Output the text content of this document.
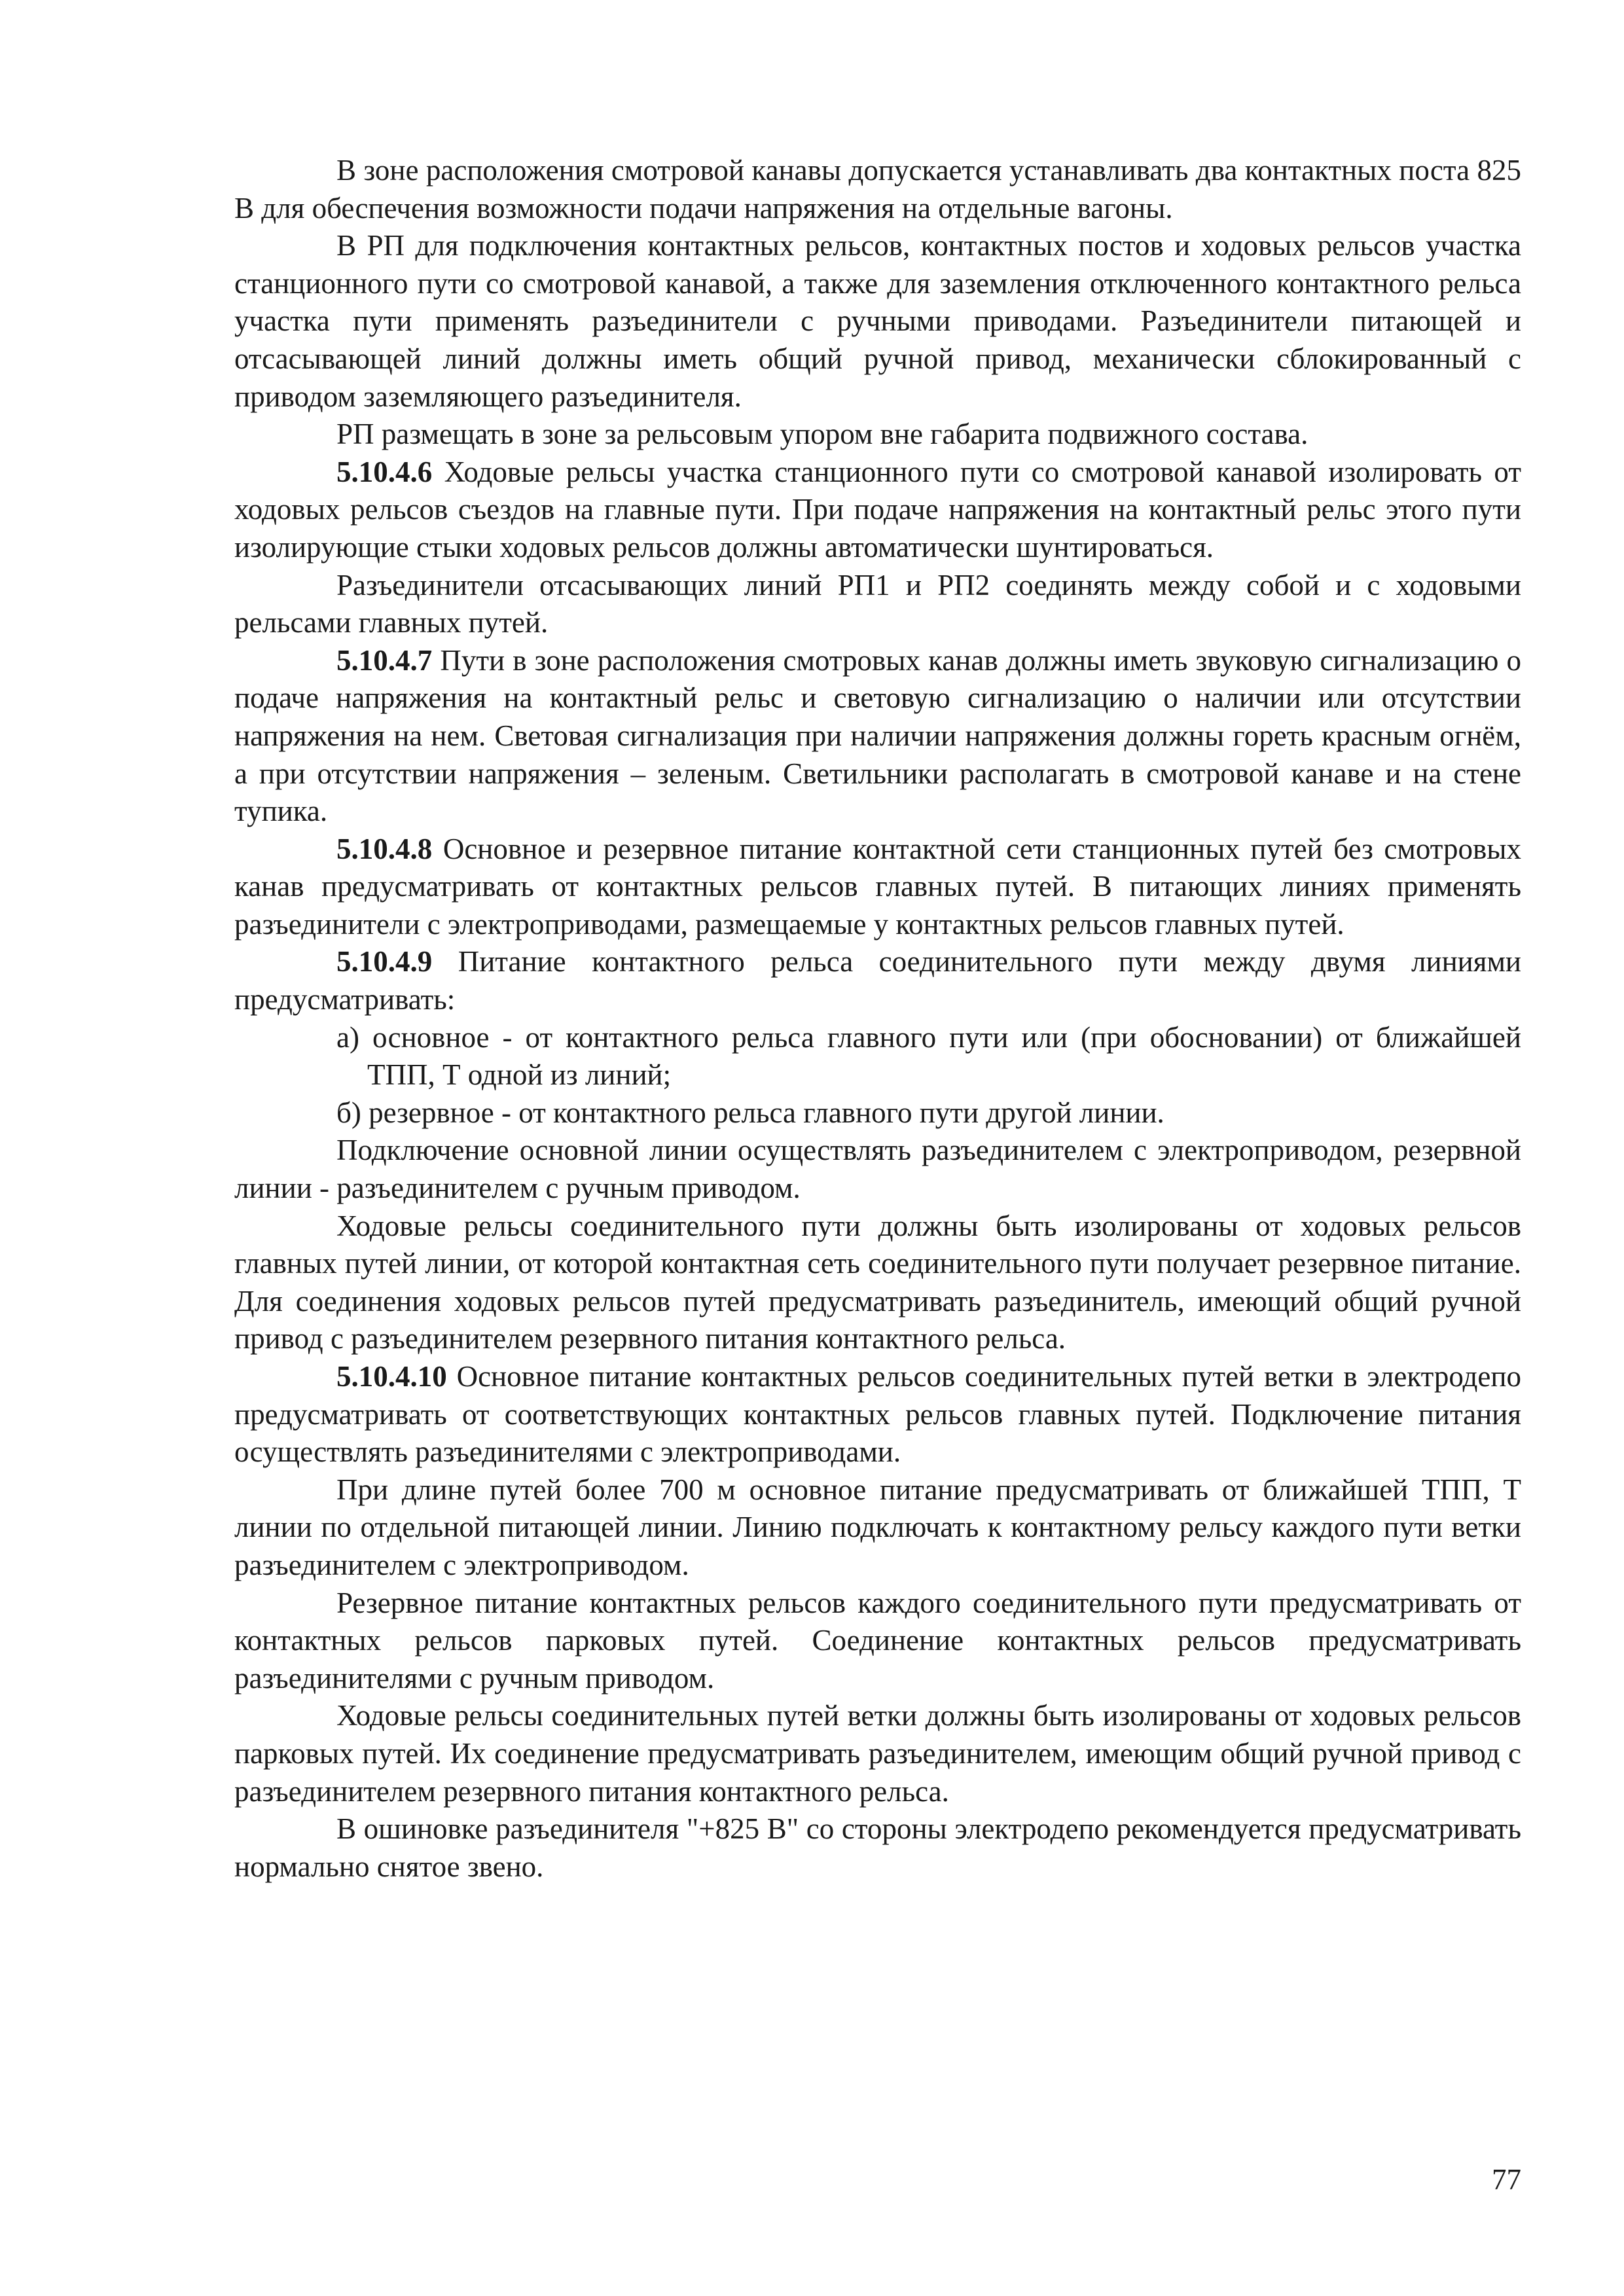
В зоне расположения смотровой канавы допускается устанавливать два контактных поста 825 В для обеспечения возможности подачи напряжения на отдельные вагоны.

В РП для подключения контактных рельсов, контактных постов и ходовых рельсов участка станционного пути со смотровой канавой, а также для заземления отключенного контактного рельса участка пути применять разъединители с ручными приводами. Разъединители питающей и отсасывающей линий должны иметь общий ручной привод, механически сблокированный с приводом заземляющего разъединителя.

РП размещать в зоне за рельсовым упором вне габарита подвижного состава.

5.10.4.6 Ходовые рельсы участка станционного пути со смотровой канавой изолировать от ходовых рельсов съездов на главные пути. При подаче напряжения на контактный рельс этого пути изолирующие стыки ходовых рельсов должны автоматически шунтироваться.

Разъединители отсасывающих линий РП1 и РП2 соединять между собой и с ходовыми рельсами главных путей.

5.10.4.7 Пути в зоне расположения смотровых канав должны иметь звуковую сигнализацию о подаче напряжения на контактный рельс и световую сигнализацию о наличии или отсутствии напряжения на нем. Световая сигнализация при наличии напряжения должны гореть красным огнём, а при отсутствии напряжения – зеленым. Светильники располагать в смотровой канаве и на стене тупика.

5.10.4.8 Основное и резервное питание контактной сети станционных путей без смотровых канав предусматривать от контактных рельсов главных путей. В питающих линиях применять разъединители с электроприводами, размещаемые у контактных рельсов главных путей.

5.10.4.9 Питание контактного рельса соединительного пути между двумя линиями предусматривать:

а) основное - от контактного рельса главного пути или (при обосновании) от ближайшей ТПП, Т одной из линий;

б) резервное - от контактного рельса главного пути другой линии.

Подключение основной линии осуществлять разъединителем с электроприводом, резервной линии - разъединителем с ручным приводом.

Ходовые рельсы соединительного пути должны быть изолированы от ходовых рельсов главных путей линии, от которой контактная сеть соединительного пути получает резервное питание. Для соединения ходовых рельсов путей предусматривать разъединитель, имеющий общий ручной привод с разъединителем резервного питания контактного рельса.

5.10.4.10 Основное питание контактных рельсов соединительных путей ветки в электродепо предусматривать от соответствующих контактных рельсов главных путей. Подключение питания осуществлять разъединителями с электроприводами.

При длине путей более 700 м основное питание предусматривать от ближайшей ТПП, Т линии по отдельной питающей линии. Линию подключать к контактному рельсу каждого пути ветки разъединителем с электроприводом.

Резервное питание контактных рельсов каждого соединительного пути предусматривать от контактных рельсов парковых путей. Соединение контактных рельсов предусматривать разъединителями с ручным приводом.

Ходовые рельсы соединительных путей ветки должны быть изолированы от ходовых рельсов парковых путей. Их соединение предусматривать разъединителем, имеющим общий ручной привод с разъединителем резервного питания контактного рельса.

В ошиновке разъединителя "+825 В" со стороны электродепо рекомендуется предусматривать нормально снятое звено.

77
